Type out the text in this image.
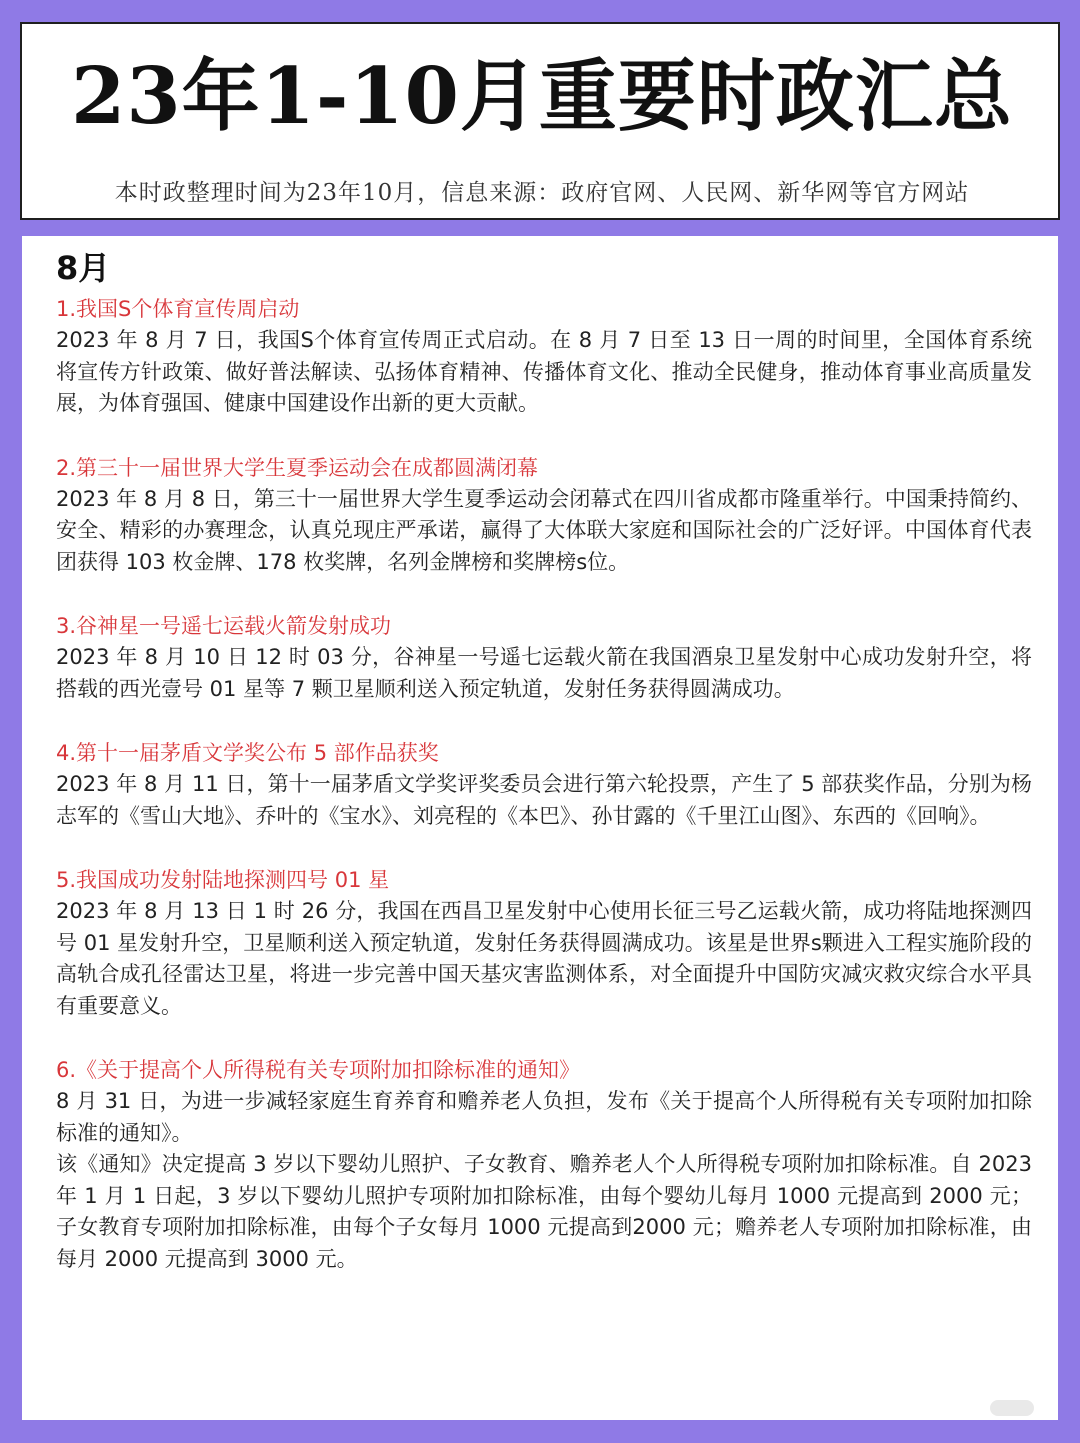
23年1-10月重要时政汇总
本时政整理时间为23年10月，信息来源：政府官网、人民网、新华网等官方网站
8月
1.我国S个体育宣传周启动

2023 年 8 月 7 日，我国S个体育宣传周正式启动。在 8 月 7 日至 13 日一周的时间里，全国体育系统将宣传方针政策、做好普法解读、弘扬体育精神、传播体育文化、推动全民健身，推动体育事业高质量发展，为体育强国、健康中国建设作出新的更大贡献。

2.第三十一届世界大学生夏季运动会在成都圆满闭幕

2023 年 8 月 8 日，第三十一届世界大学生夏季运动会闭幕式在四川省成都市隆重举行。中国秉持简约、安全、精彩的办赛理念，认真兑现庄严承诺，赢得了大体联大家庭和国际社会的广泛好评。中国体育代表团获得 103 枚金牌、178 枚奖牌，名列金牌榜和奖牌榜s位。

3.谷神星一号遥七运载火箭发射成功

2023 年 8 月 10 日 12 时 03 分，谷神星一号遥七运载火箭在我国酒泉卫星发射中心成功发射升空，将搭载的西光壹号 01 星等 7 颗卫星顺利送入预定轨道，发射任务获得圆满成功。

4.第十一届茅盾文学奖公布 5 部作品获奖

2023 年 8 月 11 日，第十一届茅盾文学奖评奖委员会进行第六轮投票，产生了 5 部获奖作品，分别为杨志军的《雪山大地》、乔叶的《宝水》、刘亮程的《本巴》、孙甘露的《千里江山图》、东西的《回响》。

5.我国成功发射陆地探测四号 01 星

2023 年 8 月 13 日 1 时 26 分，我国在西昌卫星发射中心使用长征三号乙运载火箭，成功将陆地探测四号 01 星发射升空，卫星顺利送入预定轨道，发射任务获得圆满成功。该星是世界s颗进入工程实施阶段的高轨合成孔径雷达卫星，将进一步完善中国天基灾害监测体系，对全面提升中国防灾减灾救灾综合水平具有重要意义。

6.《关于提高个人所得税有关专项附加扣除标准的通知》

8 月 31 日，为进一步减轻家庭生育养育和赡养老人负担，发布《关于提高个人所得税有关专项附加扣除标准的通知》。

该《通知》决定提高 3 岁以下婴幼儿照护、子女教育、赡养老人个人所得税专项附加扣除标准。自 2023 年 1 月 1 日起，3 岁以下婴幼儿照护专项附加扣除标准，由每个婴幼儿每月 1000 元提高到 2000 元；子女教育专项附加扣除标准，由每个子女每月 1000 元提高到2000 元；赡养老人专项附加扣除标准，由每月 2000 元提高到 3000 元。
